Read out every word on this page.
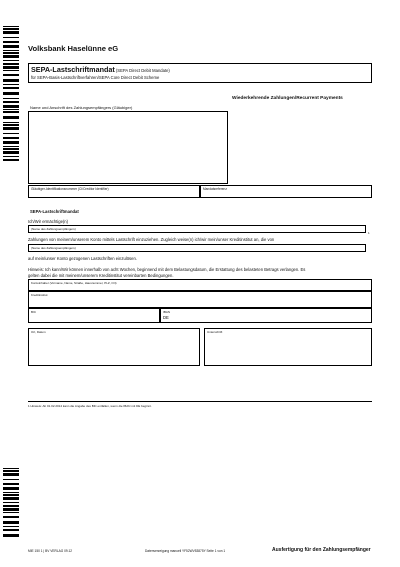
Volksbank Haselünne eG
SEPA-Lastschriftmandat (SEPA Direct Debit Mandate)
für SEPA-Basis-Lastschriftverfahren/SEPA Core Direct Debit Scheme
Wiederkehrende Zahlungen/Recurrent Payments
Name und Anschrift des Zahlungsempfängers (Gläubiger)
Gläubiger-Identifikationsnummer (CI/Creditor Identifier)	Mandatsreferenz
SEPA-Lastschriftmandat
Ich/Wir ermächtige(n)
(Name des Zahlungsempfängers)
1
Zahlungen von meinem/unserem Konto mittels Lastschrift einzuziehen. Zugleich weise(n) ich/wir mein/unser Kreditinstitut an, die von
(Name des Zahlungsempfängers)
auf mein/unser Konto gezogenen Lastschriften einzulösen.
Hinweis: Ich kann/Wir können innerhalb von acht Wochen, beginnend mit dem Belastungsdatum, die Erstattung des belasteten Betrags verlangen. Es
gelten dabei die mit meinem/unserem Kreditinstitut vereinbarten Bedingungen.
Kontoinhaber (Vorname, Name, Straße, Hausnummer, PLZ, Ort)
Kreditinstitut
BIC	IBAN
DE
Ort, Datum	Unterschrift
1 Hinweis: Ab 01.02.2014 kann die Angabe des BIC entfallen, wenn die IBAN mit DE beginnt.
MIE 150 1 | BV VERLAG 09.12	Datenverzeigung manuell YF52WV53875Y Seite 1 von 1	Ausfertigung für den Zahlungsempfänger
